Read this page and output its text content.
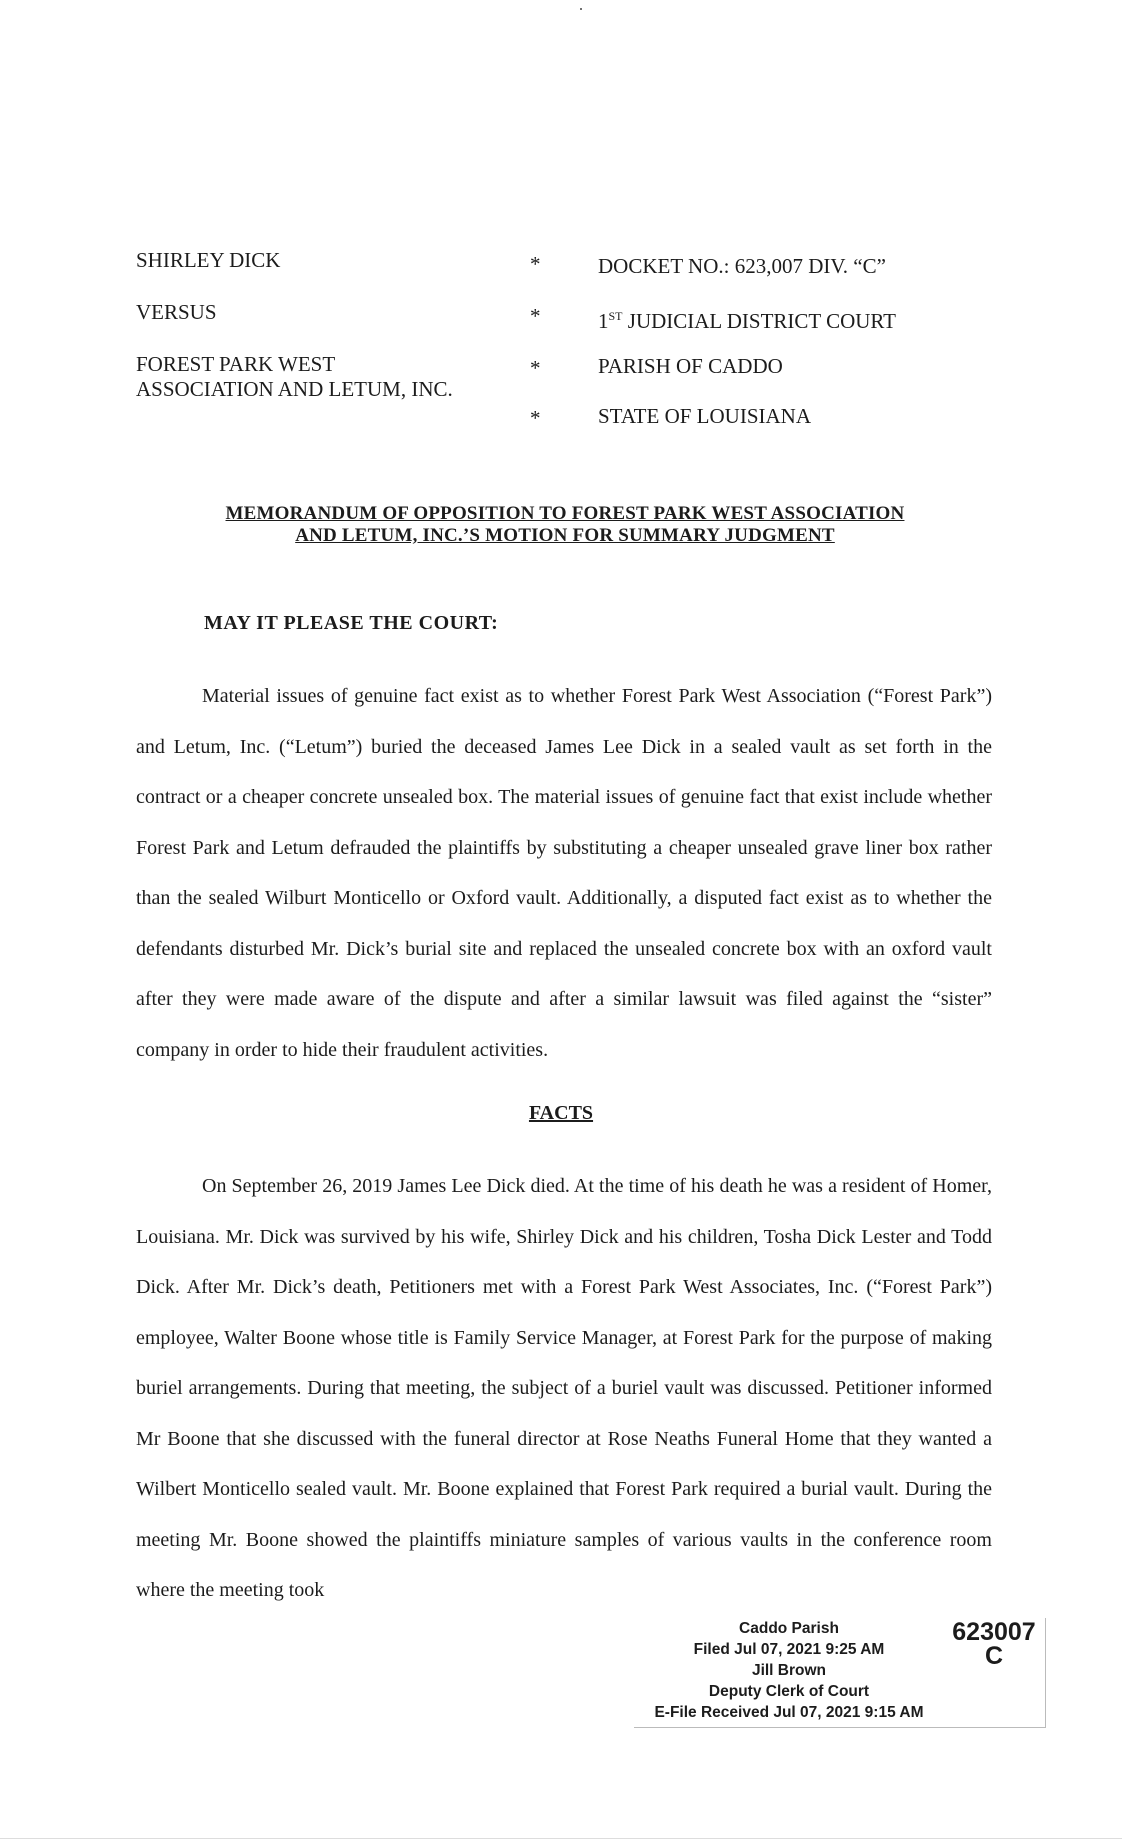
SHIRLEY DICK
VERSUS
FOREST PARK WEST
ASSOCIATION AND LETUM, INC.
*
*
*
*
DOCKET NO.: 623,007 DIV. “C”
1ST JUDICIAL DISTRICT COURT
PARISH OF CADDO
STATE OF LOUISIANA
MEMORANDUM OF OPPOSITION TO FOREST PARK WEST ASSOCIATION
AND LETUM, INC.’S MOTION FOR SUMMARY JUDGMENT
MAY IT PLEASE THE COURT:

Material issues of genuine fact exist as to whether Forest Park West Association (“Forest Park”) and Letum, Inc. (“Letum”) buried the deceased James Lee Dick in a sealed vault as set forth in the contract or a cheaper concrete unsealed box. The material issues of genuine fact that exist include whether Forest Park and Letum defrauded the plaintiffs by substituting a cheaper unsealed grave liner box rather than the sealed Wilburt Monticello or Oxford vault. Additionally, a disputed fact exist as to whether the defendants disturbed Mr. Dick’s burial site and replaced the unsealed concrete box with an oxford vault after they were made aware of the dispute and after a similar lawsuit was filed against the “sister” company in order to hide their fraudulent activities.

FACTS

On September 26, 2019 James Lee Dick died. At the time of his death he was a resident of Homer, Louisiana. Mr. Dick was survived by his wife, Shirley Dick and his children, Tosha Dick Lester and Todd Dick. After Mr. Dick’s death, Petitioners met with a Forest Park West Associates, Inc. (“Forest Park”) employee, Walter Boone whose title is Family Service Manager, at Forest Park for the purpose of making buriel arrangements. During that meeting, the subject of a buriel vault was discussed. Petitioner informed Mr Boone that she discussed with the funeral director at Rose Neaths Funeral Home that they wanted a Wilbert Monticello sealed vault. Mr. Boone explained that Forest Park required a burial vault. During the meeting Mr. Boone showed the plaintiffs miniature samples of various vaults in the conference room where the meeting took

Caddo Parish
Filed Jul 07, 2021 9:25 AM
Jill Brown
Deputy Clerk of Court
E-File Received Jul 07, 2021 9:15 AM
623007
C
